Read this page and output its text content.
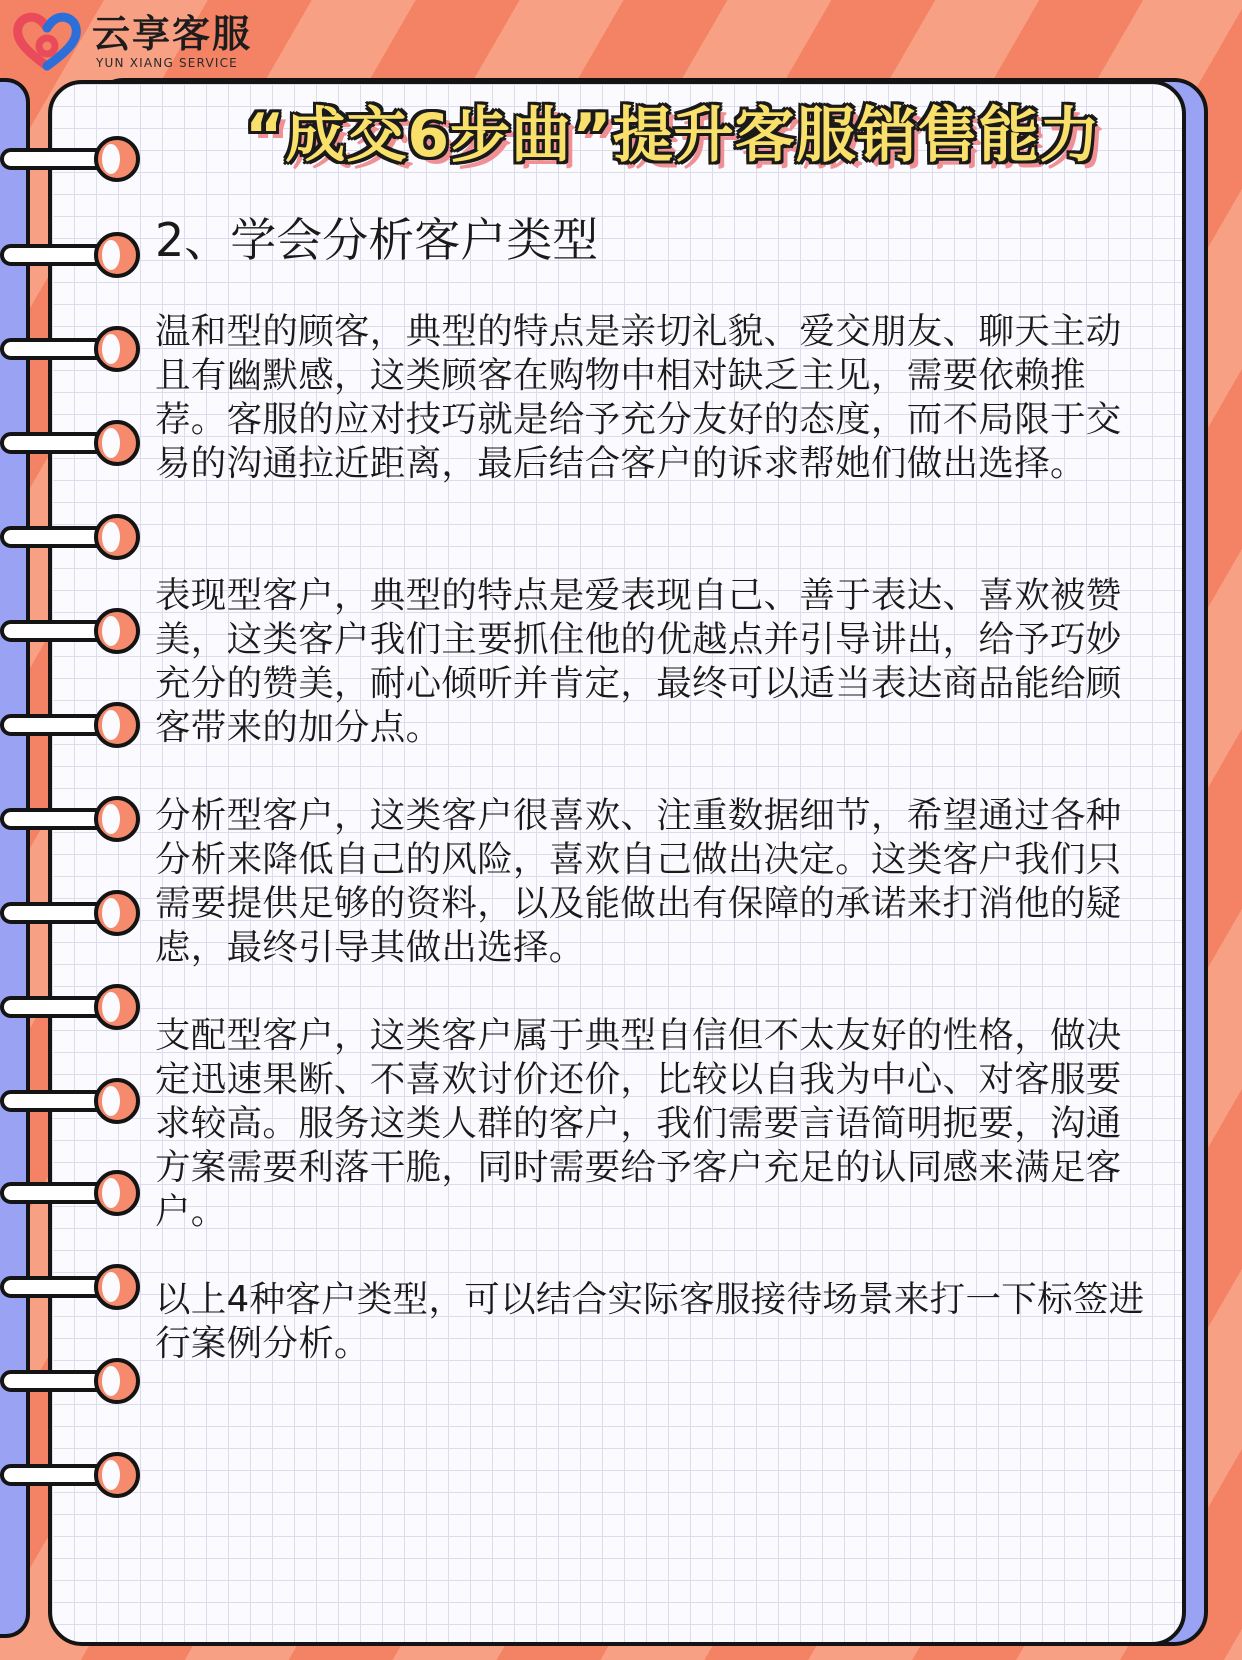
云享客服
YUN XIANG SERVICE
“成交6步曲”提升客服销售能力
2、学会分析客户类型

温和型的顾客，典型的特点是亲切礼貌、爱交朋友、聊天主动且有幽默感，这类顾客在购物中相对缺乏主见，需要依赖推荐。客服的应对技巧就是给予充分友好的态度，而不局限于交易的沟通拉近距离，最后结合客户的诉求帮她们做出选择。

表现型客户，典型的特点是爱表现自己、善于表达、喜欢被赞美，这类客户我们主要抓住他的优越点并引导讲出，给予巧妙充分的赞美，耐心倾听并肯定，最终可以适当表达商品能给顾客带来的加分点。

分析型客户，这类客户很喜欢、注重数据细节，希望通过各种分析来降低自己的风险，喜欢自己做出决定。这类客户我们只需要提供足够的资料，以及能做出有保障的承诺来打消他的疑虑，最终引导其做出选择。

支配型客户，这类客户属于典型自信但不太友好的性格，做决定迅速果断、不喜欢讨价还价，比较以自我为中心、对客服要求较高。服务这类人群的客户，我们需要言语简明扼要，沟通方案需要利落干脆，同时需要给予客户充足的认同感来满足客户。

以上4种客户类型，可以结合实际客服接待场景来打一下标签进行案例分析。
